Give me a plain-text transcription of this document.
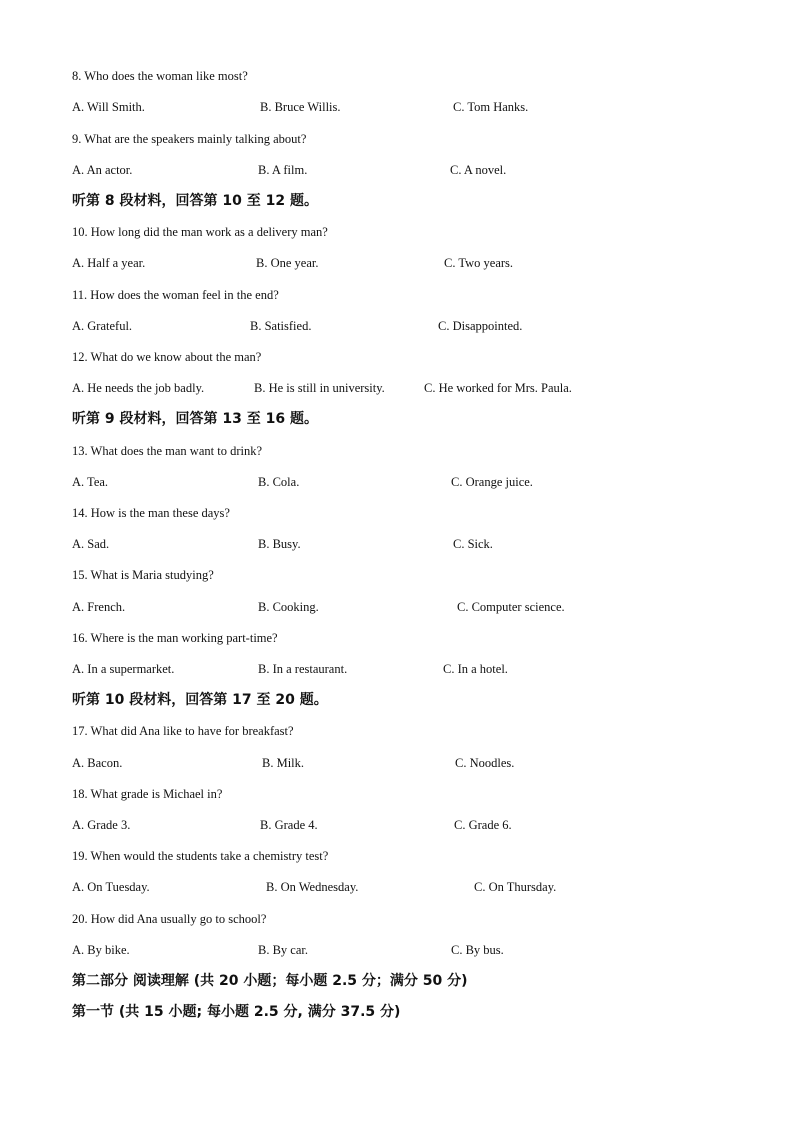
8. Who does the woman like most?
A. Will Smith.	B. Bruce Willis.	C. Tom Hanks.
9. What are the speakers mainly talking about?
A. An actor.	B. A film.	C. A novel.
听第 8 段材料，回答第 10 至 12 题。
10. How long did the man work as a delivery man?
A. Half a year.	B. One year.	C. Two years.
11. How does the woman feel in the end?
A. Grateful.	B. Satisfied.	C. Disappointed.
12. What do we know about the man?
A. He needs the job badly.	B. He is still in university.	C. He worked for Mrs. Paula.
听第 9 段材料，回答第 13 至 16 题。
13. What does the man want to drink?
A. Tea.	B. Cola.	C. Orange juice.
14. How is the man these days?
A. Sad.	B. Busy.	C. Sick.
15. What is Maria studying?
A. French.	B. Cooking.	C. Computer science.
16. Where is the man working part-time?
A. In a supermarket.	B. In a restaurant.	C. In a hotel.
听第 10 段材料，回答第 17 至 20 题。
17. What did Ana like to have for breakfast?
A. Bacon.	B. Milk.	C. Noodles.
18. What grade is Michael in?
A. Grade 3.	B. Grade 4.	C. Grade 6.
19. When would the students take a chemistry test?
A. On Tuesday.	B. On Wednesday.	C. On Thursday.
20. How did Ana usually go to school?
A. By bike.	B. By car.	C. By bus.
第二部分 阅读理解 (共 20 小题；每小题 2.5 分；满分 50 分)
第一节 (共 15 小题; 每小题 2.5 分, 满分 37.5 分)
